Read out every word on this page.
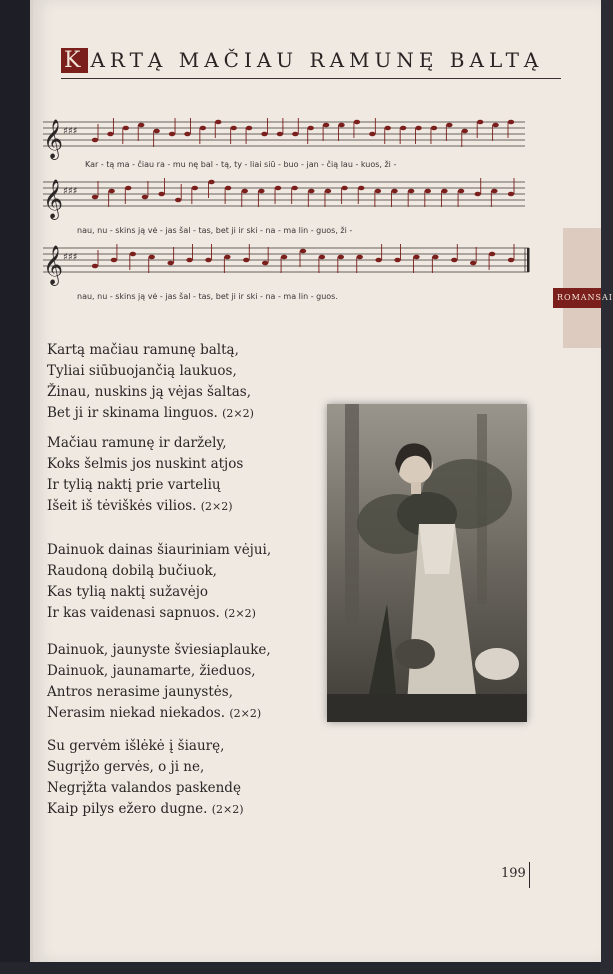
ROMANSAI
K ARTĄ MAČIAU RAMUNĘ BALTĄ
𝄞 ♯♯♯
Kar - tą ma - čiau ra - mu nę bal - tą, ty - liai siū - buo - jan - čią lau - kuos, ži -
𝄞 ♯♯♯
nau, nu - skins ją vė - jas šal - tas, bet ji ir ski - na - ma lin - guos, ži -
𝄞 ♯♯♯
nau, nu - skins ją vė - jas šal - tas, bet ji ir ski - na - ma lin - guos.
Kartą mačiau ramunę baltą,
Tyliai siūbuojančią laukuos,
Žinau, nuskins ją vėjas šaltas,
Bet ji ir skinama linguos. (2×2)
Mačiau ramunę ir daržely,
Koks šelmis jos nuskint atjos
Ir tylią naktį prie vartelių
Išeit iš tėviškės vilios. (2×2)
Dainuok dainas šiauriniam vėjui,
Raudoną dobilą bučiuok,
Kas tylią naktį sužavėjo
Ir kas vaidenasi sapnuos. (2×2)
Dainuok, jaunyste šviesiaplauke,
Dainuok, jaunamarte, žieduos,
Antros nerasime jaunystės,
Nerasim niekad niekados. (2×2)
Su gervėm išlėkė į šiaurę,
Sugrįžo gervės, o ji ne,
Negrįžta valandos paskendę
Kaip pilys ežero dugne. (2×2)

199
